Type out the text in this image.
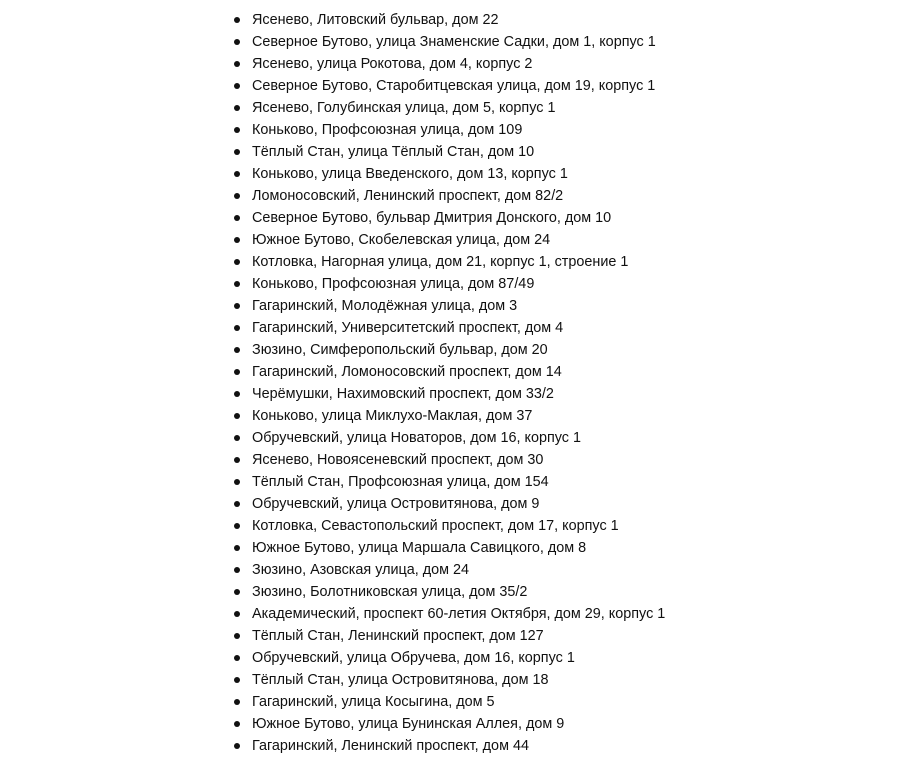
Ясенево, Литовский бульвар, дом 22
Северное Бутово, улица Знаменские Садки, дом 1, корпус 1
Ясенево, улица Рокотова, дом 4, корпус 2
Северное Бутово, Старобитцевская улица, дом 19, корпус 1
Ясенево, Голубинская улица, дом 5, корпус 1
Коньково, Профсоюзная улица, дом 109
Тёплый Стан, улица Тёплый Стан, дом 10
Коньково, улица Введенского, дом 13, корпус 1
Ломоносовский, Ленинский проспект, дом 82/2
Северное Бутово, бульвар Дмитрия Донского, дом 10
Южное Бутово, Скобелевская улица, дом 24
Котловка, Нагорная улица, дом 21, корпус 1, строение 1
Коньково, Профсоюзная улица, дом 87/49
Гагаринский, Молодёжная улица, дом 3
Гагаринский, Университетский проспект, дом 4
Зюзино, Симферопольский бульвар, дом 20
Гагаринский, Ломоносовский проспект, дом 14
Черёмушки, Нахимовский проспект, дом 33/2
Коньково, улица Миклухо-Маклая, дом 37
Обручевский, улица Новаторов, дом 16, корпус 1
Ясенево, Новоясеневский проспект, дом 30
Тёплый Стан, Профсоюзная улица, дом 154
Обручевский, улица Островитянова, дом 9
Котловка, Севастопольский проспект, дом 17, корпус 1
Южное Бутово, улица Маршала Савицкого, дом 8
Зюзино, Азовская улица, дом 24
Зюзино, Болотниковская улица, дом 35/2
Академический, проспект 60-летия Октября, дом 29, корпус 1
Тёплый Стан, Ленинский проспект, дом 127
Обручевский, улица Обручева, дом 16, корпус 1
Тёплый Стан, улица Островитянова, дом 18
Гагаринский, улица Косыгина, дом 5
Южное Бутово, улица Бунинская Аллея, дом 9
Гагаринский, Ленинский проспект, дом 44
